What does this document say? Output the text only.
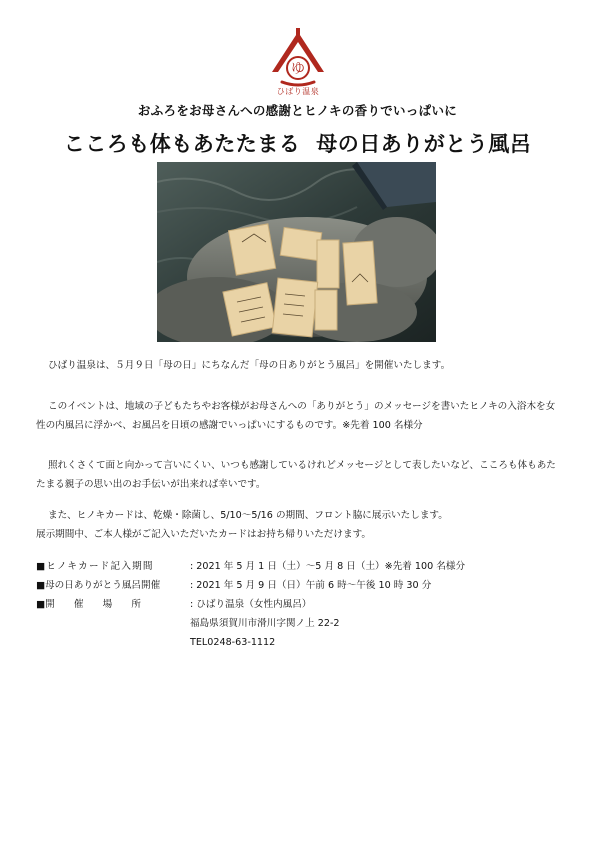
ゆ
ひばり温泉
おふろをお母さんへの感謝とヒノキの香りでいっぱいに
こころも体もあたたまる 母の日ありがとう風呂

ひばり温泉は、５月９日「母の日」にちなんだ「母の日ありがとう風呂」を開催いたします。

このイベントは、地域の子どもたちやお客様がお母さんへの「ありがとう」のメッセージを書いたヒノキの入浴木を女性の内風呂に浮かべ、お風呂を日頃の感謝でいっぱいにするものです。※先着 100 名様分

照れくさくて面と向かって言いにくい、いつも感謝しているけれどメッセージとして表したいなど、こころも体もあたたまる親子の思い出のお手伝いが出来れば幸いです。

また、ヒノキカードは、乾燥・除菌し、5/10～5/16 の期間、フロント脇に展示いたします。

展示期間中、ご本人様がご記入いただいたカードはお持ち帰りいただけます。

■ヒノキカード記入期間	: 2021 年 5 月 1 日（土）～5 月 8 日（土）※先着 100 名様分
■母の日ありがとう風呂開催	: 2021 年 5 月 9 日（日）午前 6 時～午後 10 時 30 分
■開　　催　　場　　所	: ひばり温泉（女性内風呂）
福島県須賀川市滑川字関ノ上 22-2
TEL0248-63-1112
